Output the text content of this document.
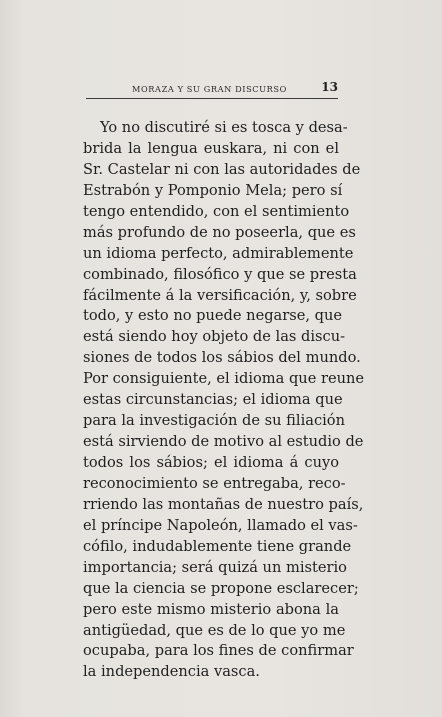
MORAZA Y SU GRAN DISCURSO	13
Yo no discutiré si es tosca y desa-
brida la lengua euskara, ni con el
Sr. Castelar ni con las autoridades de
Estrabón y Pomponio Mela; pero sí
tengo entendido, con el sentimiento
más profundo de no poseerla, que es
un idioma perfecto, admirablemente
combinado, filosófico y que se presta
fácilmente á la versificación, y, sobre
todo, y esto no puede negarse, que
está siendo hoy objeto de las discu-
siones de todos los sábios del mundo.
Por consiguiente, el idioma que reune
estas circunstancias; el idioma que
para la investigación de su filiación
está sirviendo de motivo al estudio de
todos los sábios; el idioma á cuyo
reconocimiento se entregaba, reco-
rriendo las montañas de nuestro país,
el príncipe Napoleón, llamado el vas-
cófilo, indudablemente tiene grande
importancia; será quizá un misterio
que la ciencia se propone esclarecer;
pero este mismo misterio abona la
antigüedad, que es de lo que yo me
ocupaba, para los fines de confirmar
la independencia vasca.
